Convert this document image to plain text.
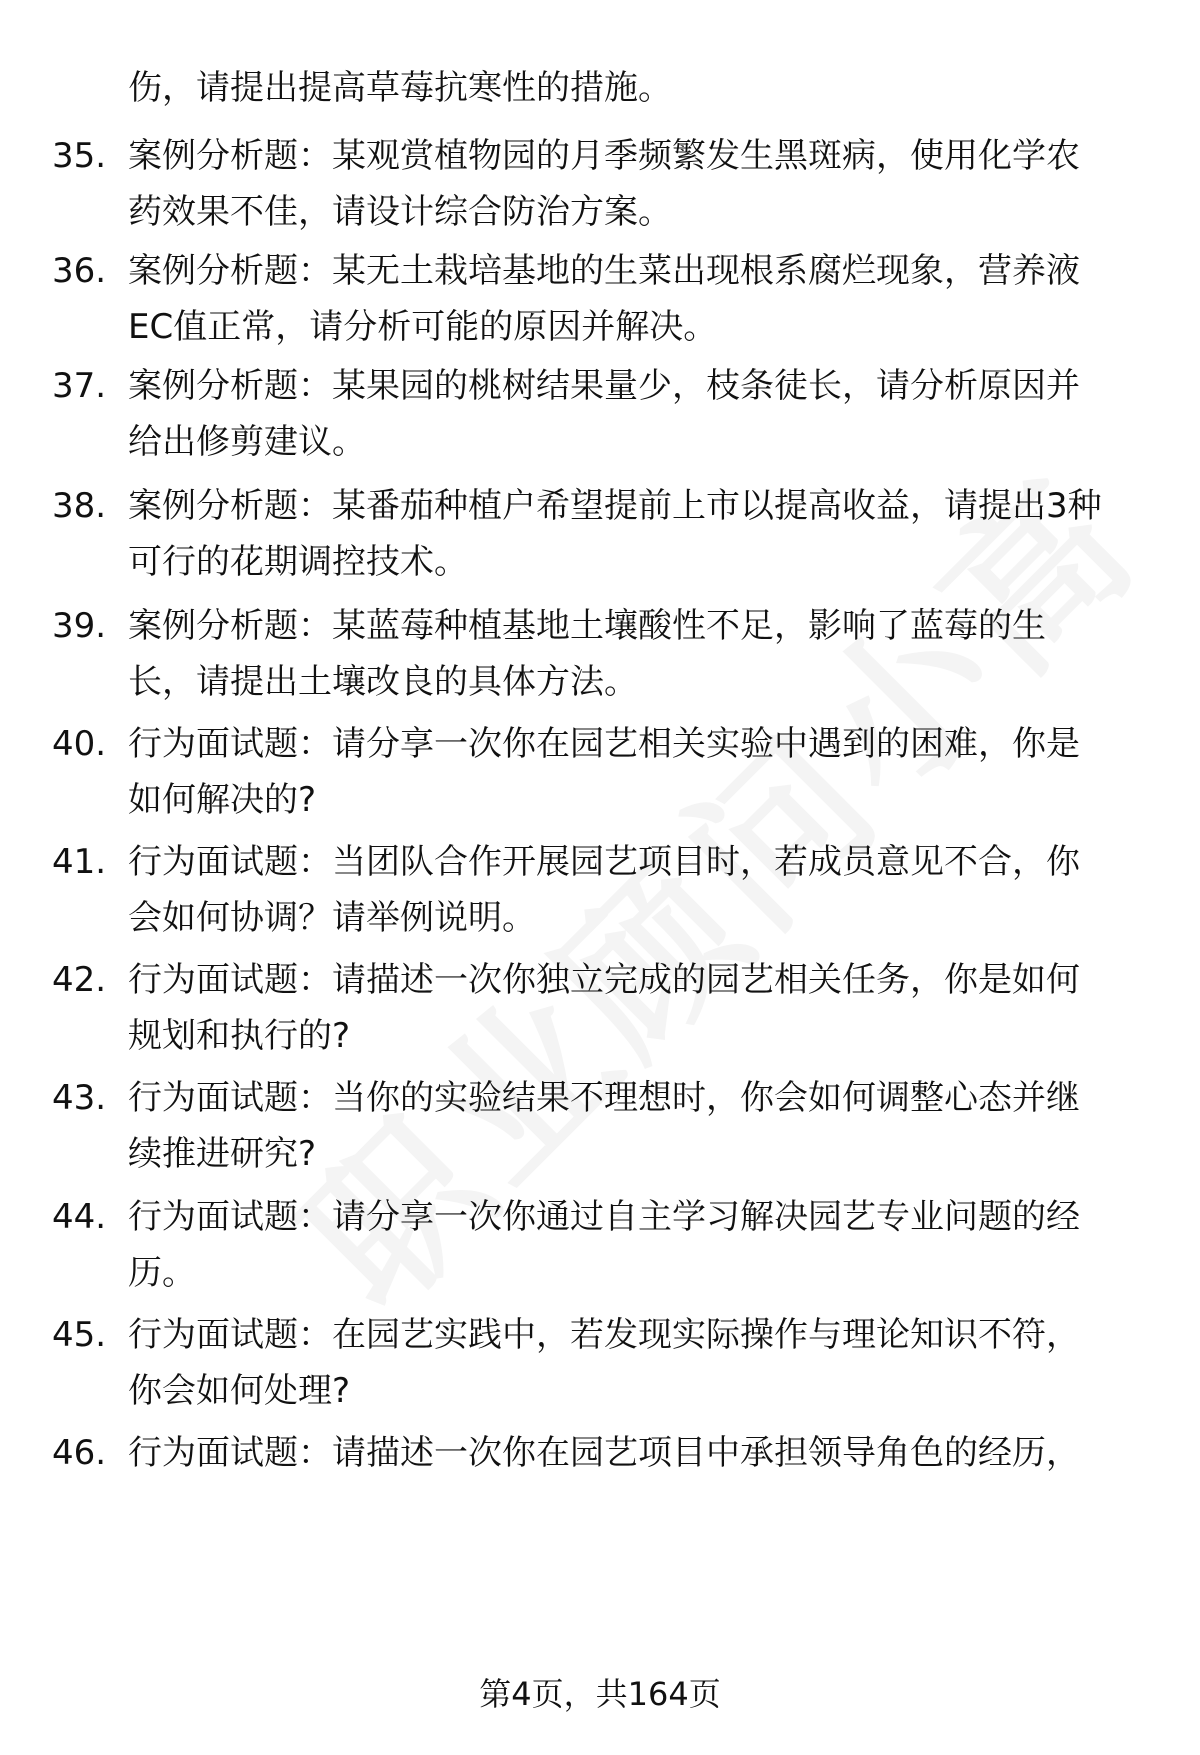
伤，请提出提高草莓抗寒性的措施。
35. 案例分析题：某观赏植物园的月季频繁发生黑斑病，使用化学农
药效果不佳，请设计综合防治方案。
36. 案例分析题：某无土栽培基地的生菜出现根系腐烂现象，营养液
EC值正常，请分析可能的原因并解决。
37. 案例分析题：某果园的桃树结果量少，枝条徒长，请分析原因并
给出修剪建议。
38. 案例分析题：某番茄种植户希望提前上市以提高收益，请提出3种
可行的花期调控技术。
39. 案例分析题：某蓝莓种植基地土壤酸性不足，影响了蓝莓的生
长，请提出土壤改良的具体方法。
40. 行为面试题：请分享一次你在园艺相关实验中遇到的困难，你是
如何解决的?
41. 行为面试题：当团队合作开展园艺项目时，若成员意见不合，你
会如何协调？请举例说明。
42. 行为面试题：请描述一次你独立完成的园艺相关任务，你是如何
规划和执行的?
43. 行为面试题：当你的实验结果不理想时，你会如何调整心态并继
续推进研究?
44. 行为面试题：请分享一次你通过自主学习解决园艺专业问题的经
历。
45. 行为面试题：在园艺实践中，若发现实际操作与理论知识不符，
你会如何处理?
46. 行为面试题：请描述一次你在园艺项目中承担领导角色的经历，
第4页，共164页
